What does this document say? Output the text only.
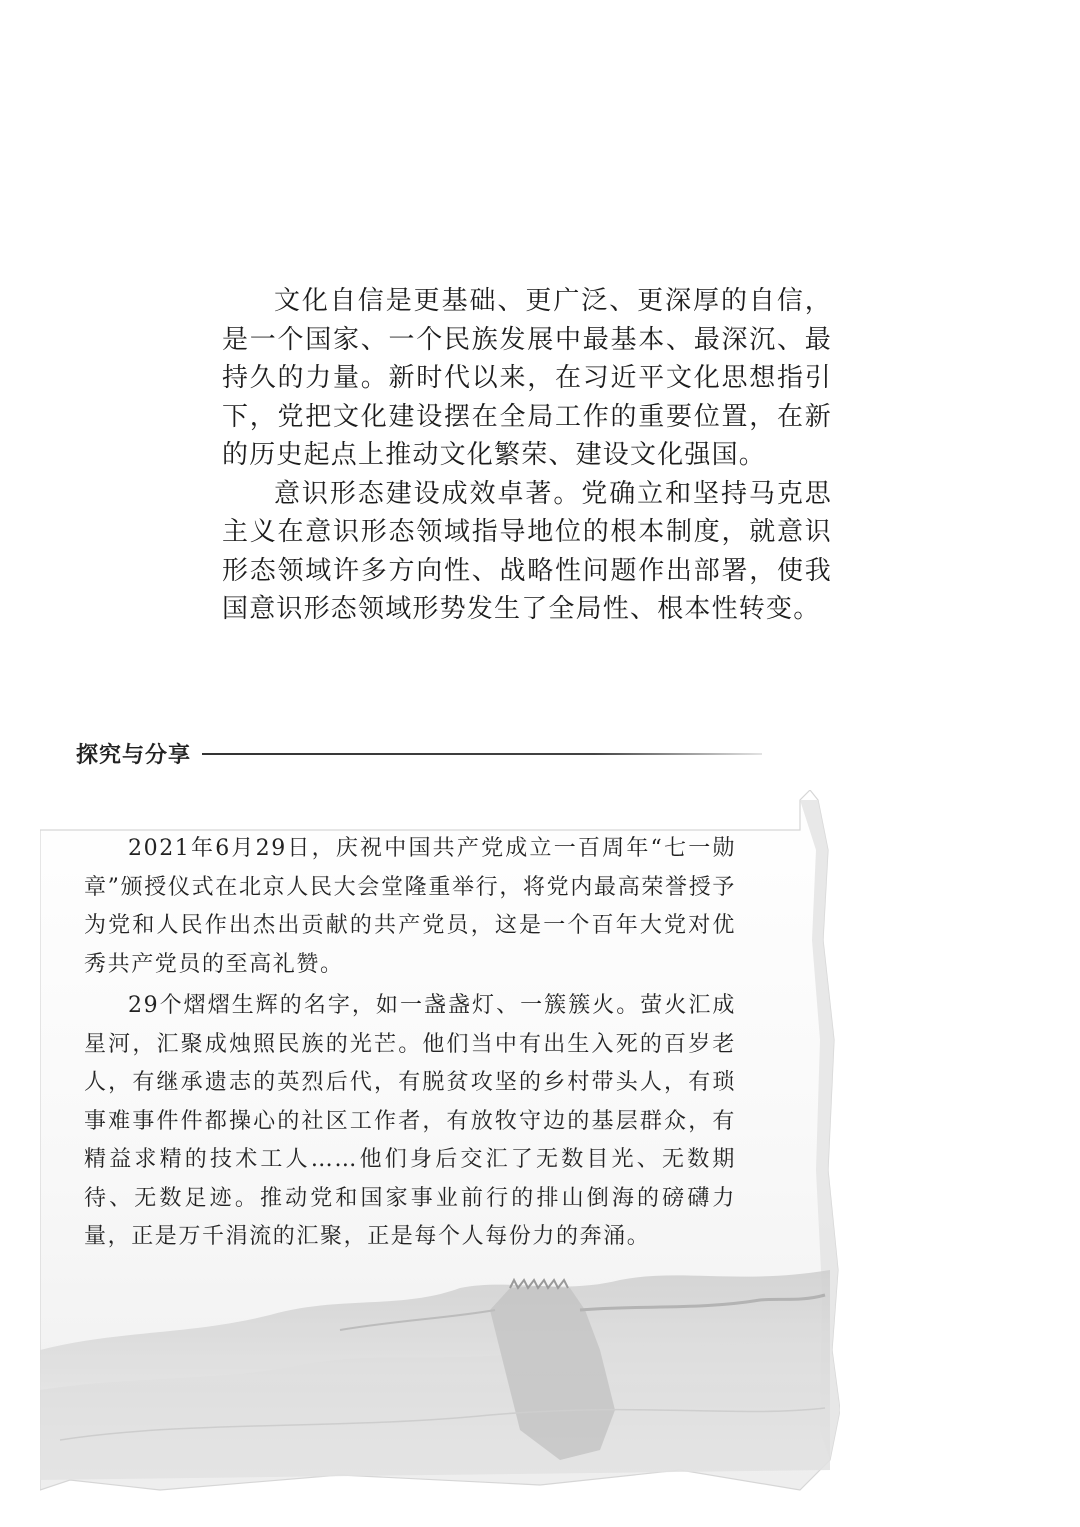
文化自信是更基础、更广泛、更深厚的自信，是一个国家、一个民族发展中最基本、最深沉、最持久的力量。新时代以来，在习近平文化思想指引下，党把文化建设摆在全局工作的重要位置，在新的历史起点上推动文化繁荣、建设文化强国。

意识形态建设成效卓著。党确立和坚持马克思主义在意识形态领域指导地位的根本制度，就意识形态领域许多方向性、战略性问题作出部署，使我国意识形态领域形势发生了全局性、根本性转变。

探究与分享

2021年6月29日，庆祝中国共产党成立一百周年“七一勋章”颁授仪式在北京人民大会堂隆重举行，将党内最高荣誉授予为党和人民作出杰出贡献的共产党员，这是一个百年大党对优秀共产党员的至高礼赞。

29个熠熠生辉的名字，如一盏盏灯、一簇簇火。萤火汇成星河，汇聚成烛照民族的光芒。他们当中有出生入死的百岁老人，有继承遗志的英烈后代，有脱贫攻坚的乡村带头人，有琐事难事件件都操心的社区工作者，有放牧守边的基层群众，有精益求精的技术工人……他们身后交汇了无数目光、无数期待、无数足迹。推动党和国家事业前行的排山倒海的磅礴力量，正是万千涓流的汇聚，正是每个人每份力的奔涌。
